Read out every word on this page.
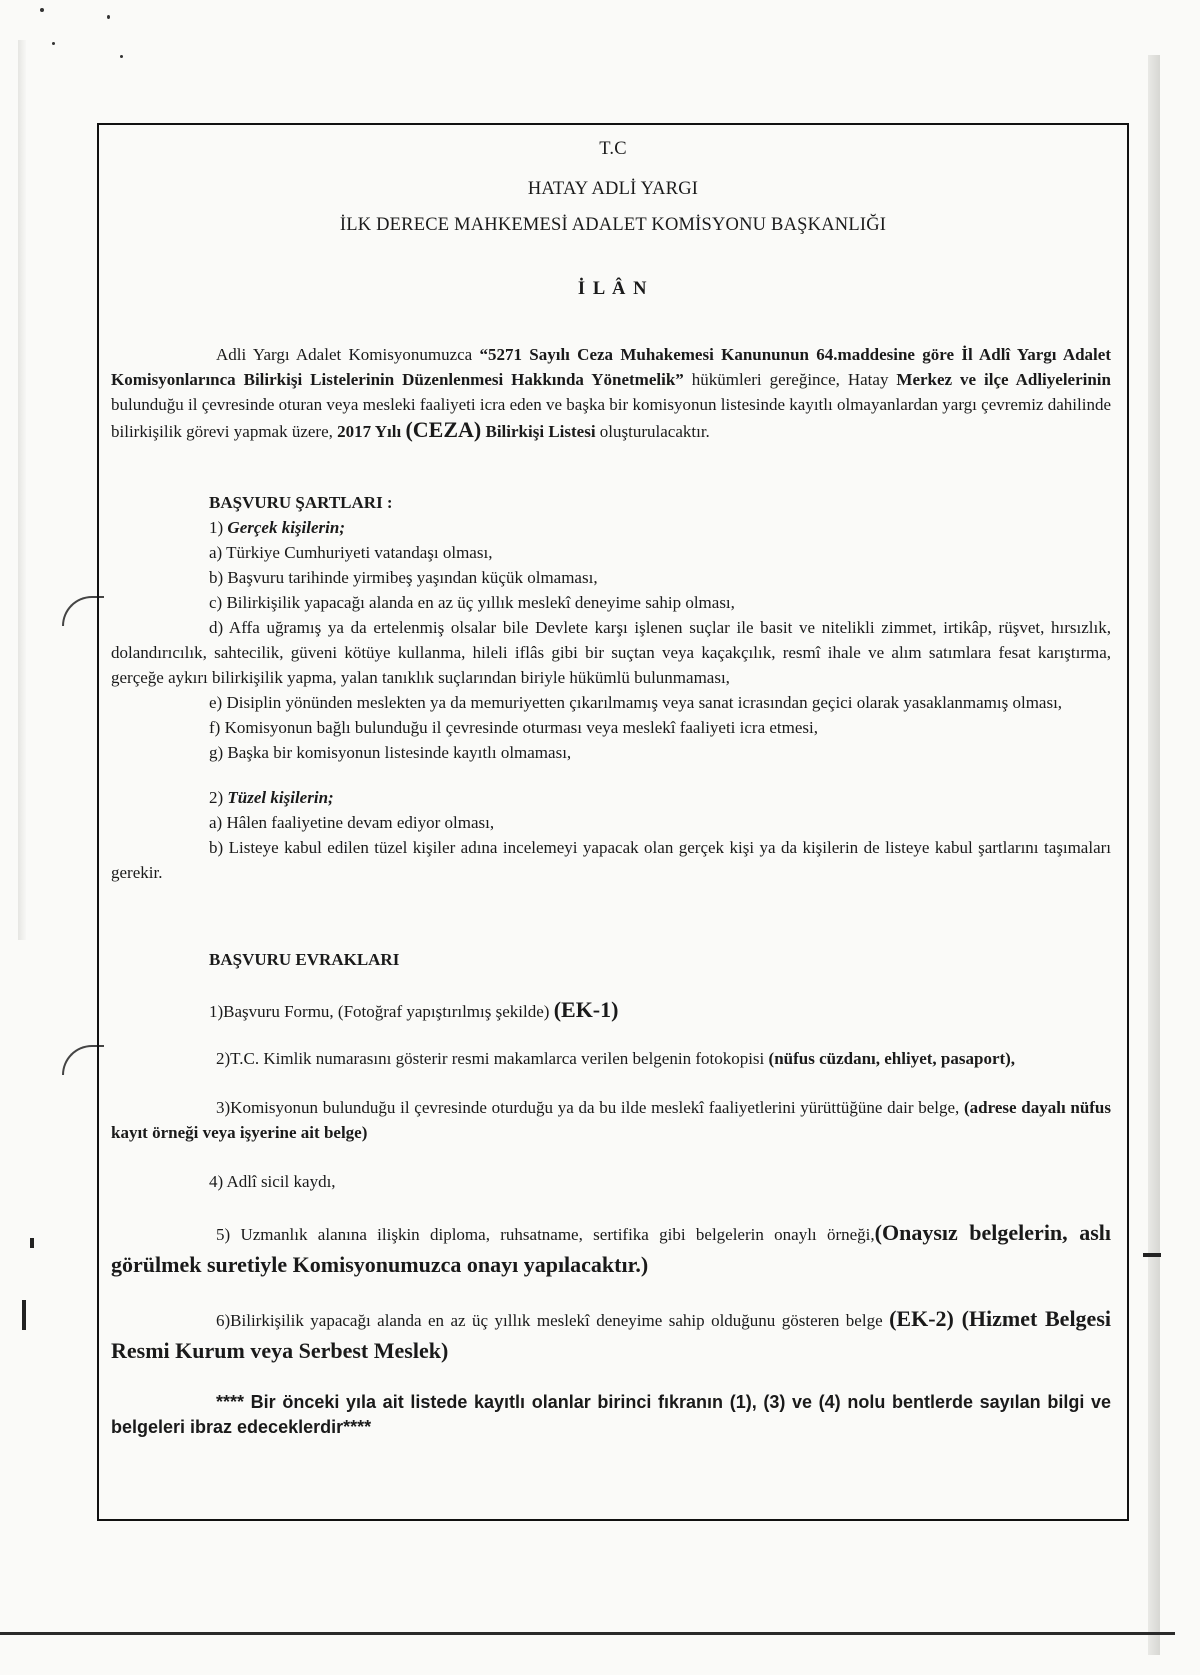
T.C
HATAY ADLİ YARGI
İLK DERECE MAHKEMESİ ADALET KOMİSYONU BAŞKANLIĞI
İ L Â N

Adli Yargı Adalet Komisyonumuzca “5271 Sayılı Ceza Muhakemesi Kanununun 64.maddesine göre İl Adlî Yargı Adalet Komisyonlarınca Bilirkişi Listelerinin Düzenlenmesi Hakkında Yönetmelik” hükümleri gereğince, Hatay Merkez ve ilçe Adliyelerinin bulunduğu il çevresinde oturan veya mesleki faaliyeti icra eden ve başka bir komisyonun listesinde kayıtlı olmayanlardan yargı çevremiz dahilinde bilirkişilik görevi yapmak üzere, 2017 Yılı (CEZA) Bilirkişi Listesi oluşturulacaktır.

BAŞVURU ŞARTLARI :

1) Gerçek kişilerin;

a) Türkiye Cumhuriyeti vatandaşı olması,

b) Başvuru tarihinde yirmibeş yaşından küçük olmaması,

c) Bilirkişilik yapacağı alanda en az üç yıllık meslekî deneyime sahip olması,

d) Affa uğramış ya da ertelenmiş olsalar bile Devlete karşı işlenen suçlar ile basit ve nitelikli zimmet, irtikâp, rüşvet, hırsızlık, dolandırıcılık, sahtecilik, güveni kötüye kullanma, hileli iflâs gibi bir suçtan veya kaçakçılık, resmî ihale ve alım satımlara fesat karıştırma, gerçeğe aykırı bilirkişilik yapma, yalan tanıklık suçlarından biriyle hükümlü bulunmaması,

e) Disiplin yönünden meslekten ya da memuriyetten çıkarılmamış veya sanat icrasından geçici olarak yasaklanmamış olması,

f) Komisyonun bağlı bulunduğu il çevresinde oturması veya meslekî faaliyeti icra etmesi,

g) Başka bir komisyonun listesinde kayıtlı olmaması,

2) Tüzel kişilerin;

a) Hâlen faaliyetine devam ediyor olması,

b) Listeye kabul edilen tüzel kişiler adına incelemeyi yapacak olan gerçek kişi ya da kişilerin de listeye kabul şartlarını taşımaları gerekir.

BAŞVURU EVRAKLARI

1)Başvuru Formu, (Fotoğraf yapıştırılmış şekilde) (EK-1)

2)T.C. Kimlik numarasını gösterir resmi makamlarca verilen belgenin fotokopisi (nüfus cüzdanı, ehliyet, pasaport),

3)Komisyonun bulunduğu il çevresinde oturduğu ya da bu ilde meslekî faaliyetlerini yürüttüğüne dair belge, (adrese dayalı nüfus kayıt örneği veya işyerine ait belge)

4) Adlî sicil kaydı,

5) Uzmanlık alanına ilişkin diploma, ruhsatname, sertifika gibi belgelerin onaylı örneği,(Onaysız belgelerin, aslı görülmek suretiyle Komisyonumuzca onayı yapılacaktır.)

6)Bilirkişilik yapacağı alanda en az üç yıllık meslekî deneyime sahip olduğunu gösteren belge (EK-2) (Hizmet Belgesi Resmi Kurum veya Serbest Meslek)

**** Bir önceki yıla ait listede kayıtlı olanlar birinci fıkranın (1), (3) ve (4) nolu bentlerde sayılan bilgi ve belgeleri ibraz edeceklerdir****
